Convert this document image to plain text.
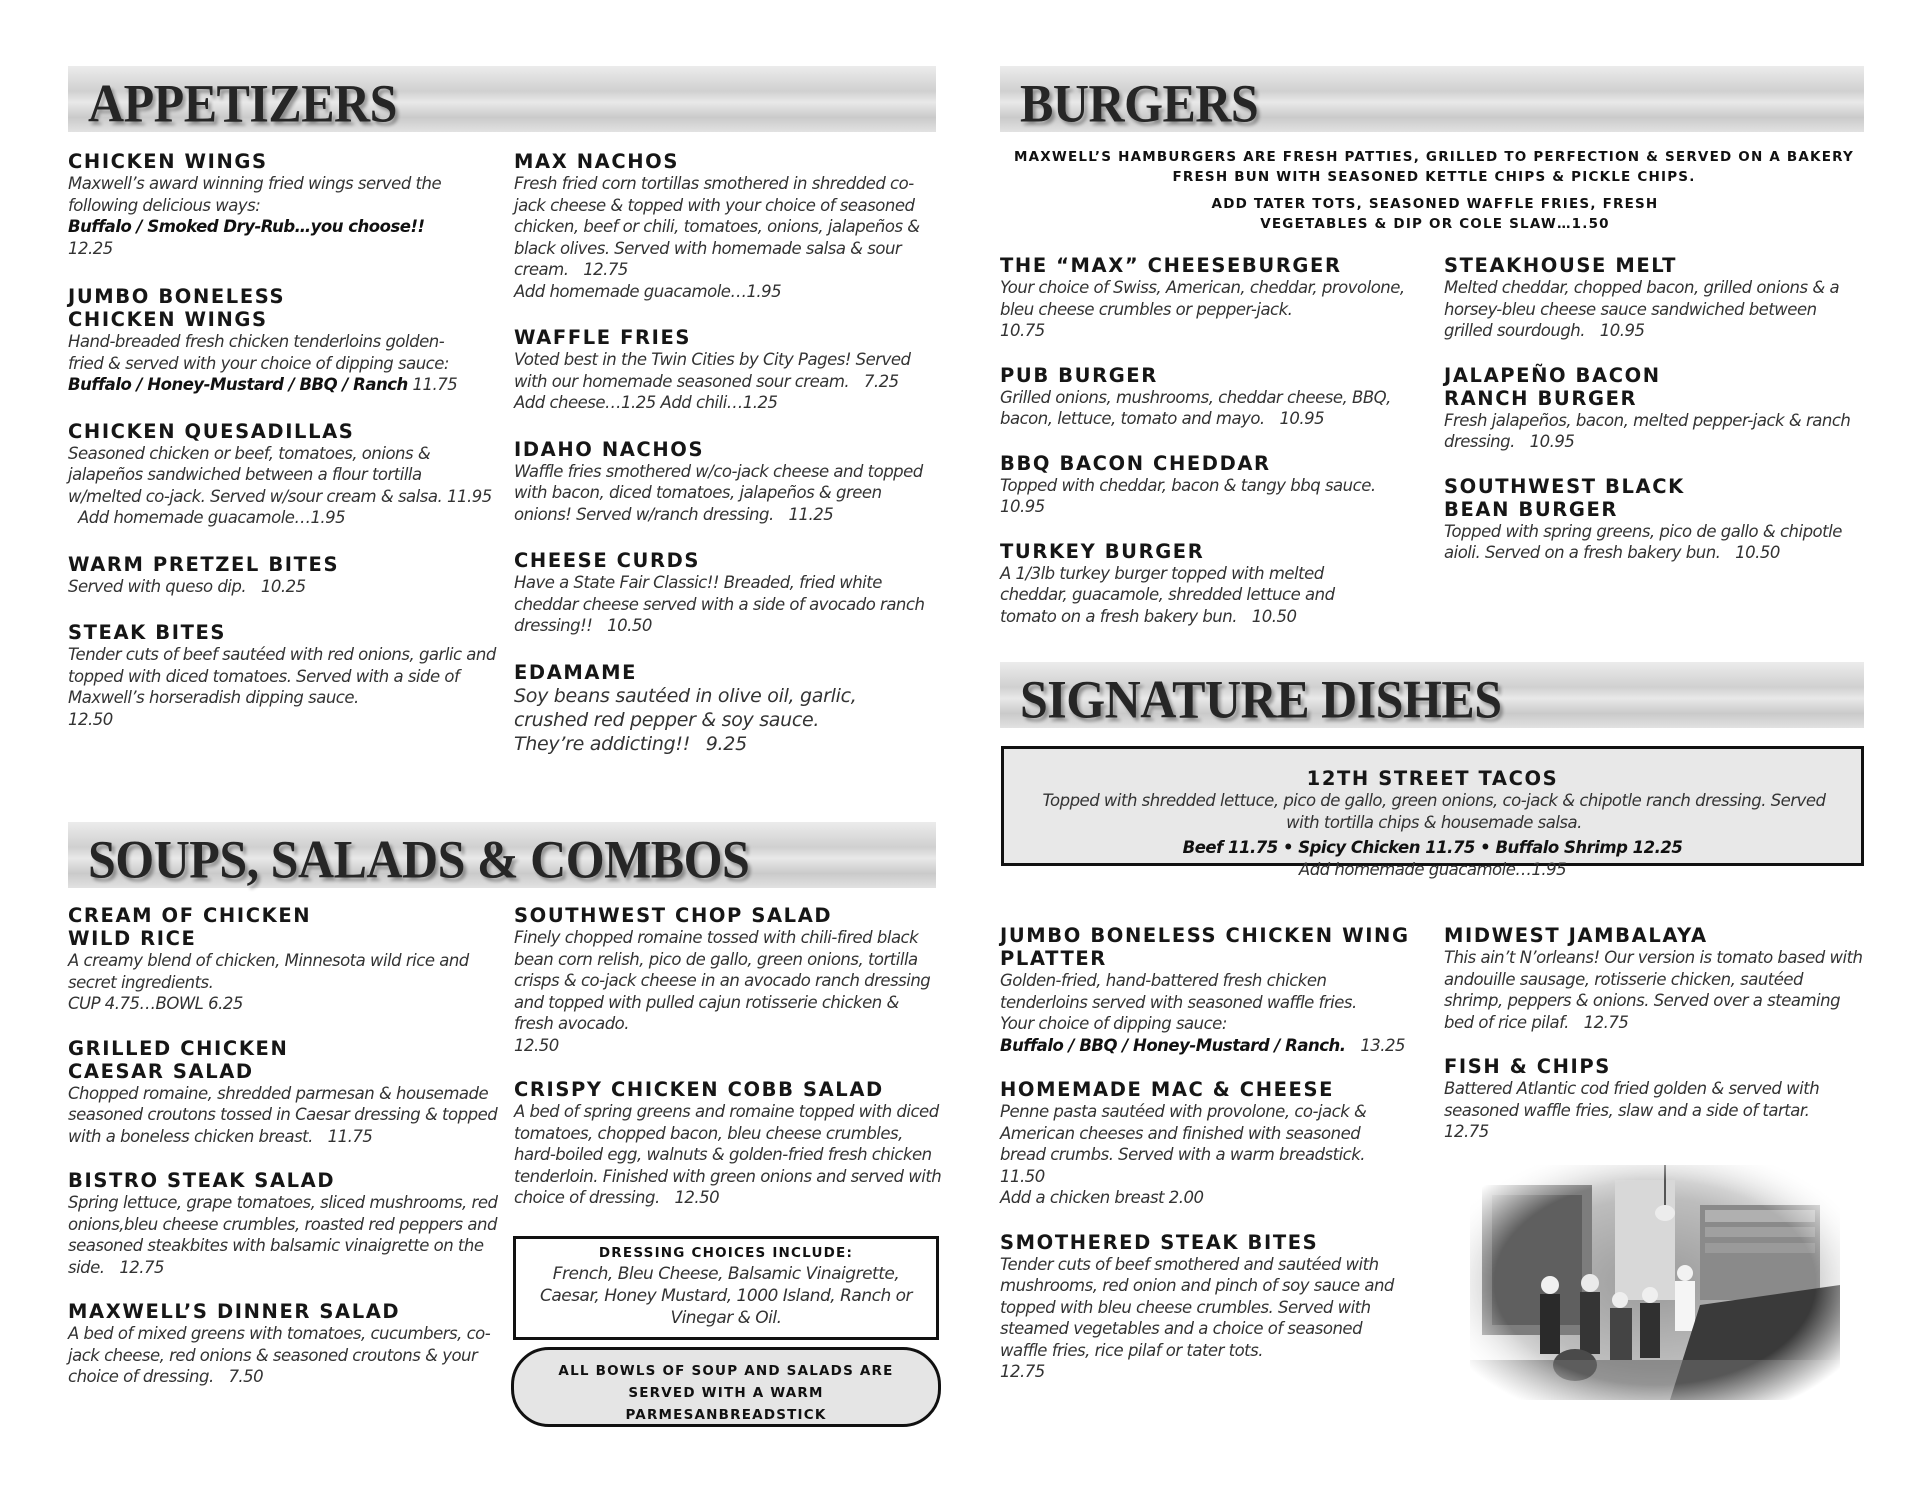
APPETIZERS
CHICKEN WINGS
Maxwell’s award winning fried wings served the following delicious ways:
Buffalo / Smoked Dry-Rub…you choose!!
12.25
JUMBO BONELESS CHICKEN WINGS
Hand-breaded fresh chicken tenderloins golden-fried & served with your choice of dipping sauce: Buffalo / Honey-Mustard / BBQ / Ranch 11.75
CHICKEN QUESADILLAS
Seasoned chicken or beef, tomatoes, onions & jalapeños sandwiched between a flour tortilla w/melted co-jack. Served w/sour cream & salsa. 11.95 Add homemade guacamole…1.95
WARM PRETZEL BITES
Served with queso dip. 10.25
STEAK BITES
Tender cuts of beef sautéed with red onions, garlic and topped with diced tomatoes. Served with a side of Maxwell’s horseradish dipping sauce.
12.50
MAX NACHOS
Fresh fried corn tortillas smothered in shredded co-jack cheese & topped with your choice of seasoned chicken, beef or chili, tomatoes, onions, jalapeños & black olives. Served with homemade salsa & sour cream. 12.75
Add homemade guacamole…1.95
WAFFLE FRIES
Voted best in the Twin Cities by City Pages! Served with our homemade seasoned sour cream. 7.25
Add cheese…1.25 Add chili…1.25
IDAHO NACHOS
Waffle fries smothered w/co-jack cheese and topped with bacon, diced tomatoes, jalapeños & green onions! Served w/ranch dressing. 11.25
CHEESE CURDS
Have a State Fair Classic!! Breaded, fried white cheddar cheese served with a side of avocado ranch dressing!! 10.50
EDAMAME
Soy beans sautéed in olive oil, garlic, crushed red pepper & soy sauce. They’re addicting!! 9.25
SOUPS, SALADS & COMBOS
CREAM OF CHICKEN WILD RICE
A creamy blend of chicken, Minnesota wild rice and secret ingredients.
CUP 4.75…BOWL 6.25
GRILLED CHICKEN CAESAR SALAD
Chopped romaine, shredded parmesan & housemade seasoned croutons tossed in Caesar dressing & topped with a boneless chicken breast. 11.75
BISTRO STEAK SALAD
Spring lettuce, grape tomatoes, sliced mushrooms, red onions,bleu cheese crumbles, roasted red peppers and seasoned steakbites with balsamic vinaigrette on the side. 12.75
MAXWELL’S DINNER SALAD
A bed of mixed greens with tomatoes, cucumbers, co-jack cheese, red onions & seasoned croutons & your choice of dressing. 7.50
SOUTHWEST CHOP SALAD
Finely chopped romaine tossed with chili-fired black bean corn relish, pico de gallo, green onions, tortilla crisps & co-jack cheese in an avocado ranch dressing and topped with pulled cajun rotisserie chicken & fresh avocado.
12.50
CRISPY CHICKEN COBB SALAD
A bed of spring greens and romaine topped with diced tomatoes, chopped bacon, bleu cheese crumbles, hard-boiled egg, walnuts & golden-fried fresh chicken tenderloin. Finished with green onions and served with choice of dressing. 12.50
DRESSING CHOICES INCLUDE:
French, Bleu Cheese, Balsamic Vinaigrette, Caesar, Honey Mustard, 1000 Island, Ranch or Vinegar & Oil.
ALL BOWLS OF SOUP AND SALADS ARE SERVED WITH A WARM PARMESANBREADSTICK
BURGERS
MAXWELL’S HAMBURGERS ARE FRESH PATTIES, GRILLED TO PERFECTION & SERVED ON A BAKERY FRESH BUN WITH SEASONED KETTLE CHIPS & PICKLE CHIPS.
ADD TATER TOTS, SEASONED WAFFLE FRIES, FRESH VEGETABLES & DIP OR COLE SLAW…1.50
THE “MAX” CHEESEBURGER
Your choice of Swiss, American, cheddar, provolone, bleu cheese crumbles or pepper-jack.
10.75
PUB BURGER
Grilled onions, mushrooms, cheddar cheese, BBQ, bacon, lettuce, tomato and mayo. 10.95
BBQ BACON CHEDDAR
Topped with cheddar, bacon & tangy bbq sauce.
10.95
TURKEY BURGER
A 1/3lb turkey burger topped with melted cheddar, guacamole, shredded lettuce and tomato on a fresh bakery bun. 10.50
STEAKHOUSE MELT
Melted cheddar, chopped bacon, grilled onions & a horsey-bleu cheese sauce sandwiched between grilled sourdough. 10.95
JALAPEÑO BACON RANCH BURGER
Fresh jalapeños, bacon, melted pepper-jack & ranch dressing. 10.95
SOUTHWEST BLACK BEAN BURGER
Topped with spring greens, pico de gallo & chipotle aioli. Served on a fresh bakery bun. 10.50
SIGNATURE DISHES
12TH STREET TACOS
Topped with shredded lettuce, pico de gallo, green onions, co-jack & chipotle ranch dressing. Served with tortilla chips & housemade salsa.
Beef 11.75 • Spicy Chicken 11.75 • Buffalo Shrimp 12.25
Add homemade guacamole…1.95
JUMBO BONELESS CHICKEN WING PLATTER
Golden-fried, hand-battered fresh chicken tenderloins served with seasoned waffle fries. Your choice of dipping sauce:
Buffalo / BBQ / Honey-Mustard / Ranch. 13.25
HOMEMADE MAC & CHEESE
Penne pasta sautéed with provolone, co-jack & American cheeses and finished with seasoned bread crumbs. Served with a warm breadstick.
11.50
Add a chicken breast 2.00
SMOTHERED STEAK BITES
Tender cuts of beef smothered and sautéed with mushrooms, red onion and pinch of soy sauce and topped with bleu cheese crumbles. Served with steamed vegetables and a choice of seasoned waffle fries, rice pilaf or tater tots.
12.75
MIDWEST JAMBALAYA
This ain’t N’orleans! Our version is tomato based with andouille sausage, rotisserie chicken, sautéed shrimp, peppers & onions. Served over a steaming bed of rice pilaf. 12.75
FISH & CHIPS
Battered Atlantic cod fried golden & served with seasoned waffle fries, slaw and a side of tartar.
12.75
